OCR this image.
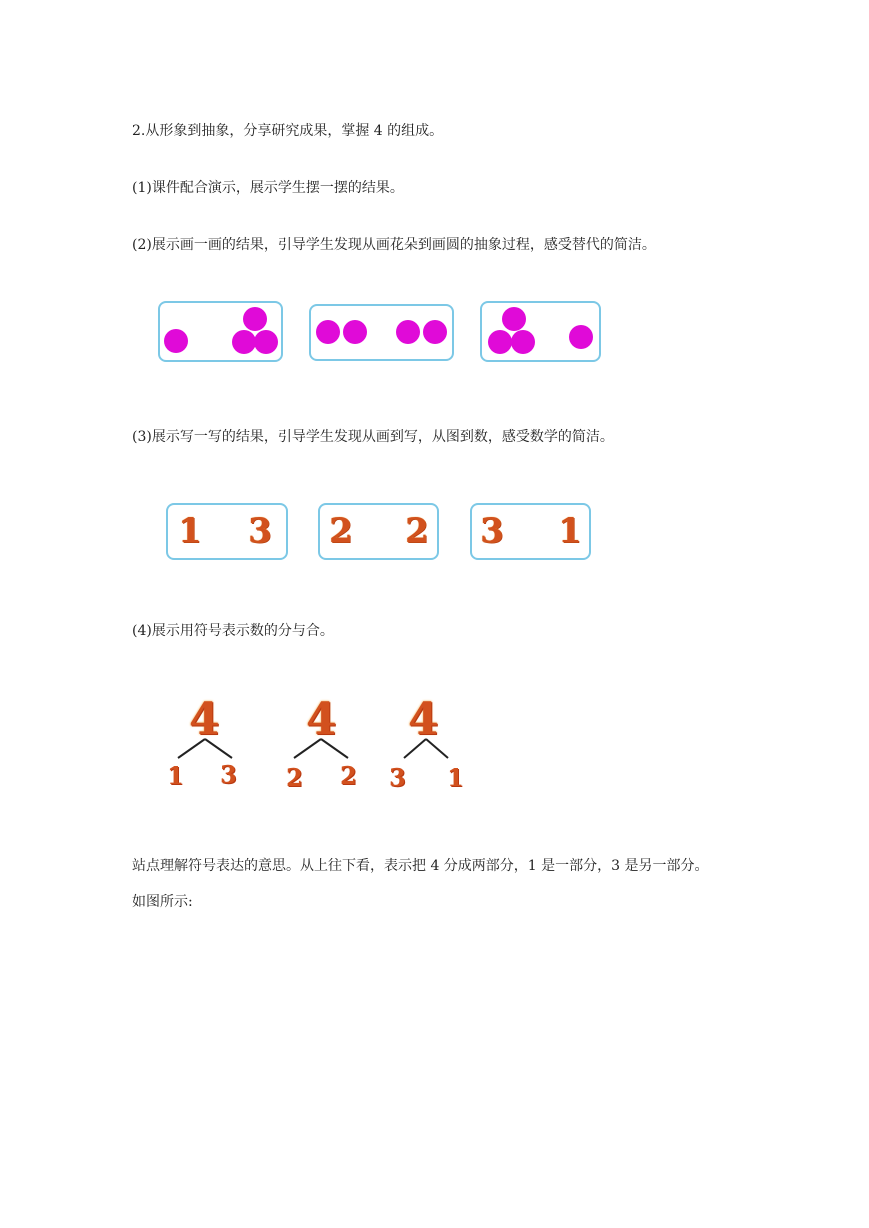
2.从形象到抽象，分享研究成果，掌握 4 的组成。
(1)课件配合演示，展示学生摆一摆的结果。
(2)展示画一画的结果，引导学生发现从画花朵到画圆的抽象过程，感受替代的简洁。
(3)展示写一写的结果，引导学生发现从画到写，从图到数，感受数学的简洁。
1 3 2 2 3 1
(4)展示用符号表示数的分与合。
4
1 3
4
2 2
4
3 1
站点理解符号表达的意思。从上往下看，表示把 4 分成两部分，1 是一部分，3 是另一部分。
如图所示:
